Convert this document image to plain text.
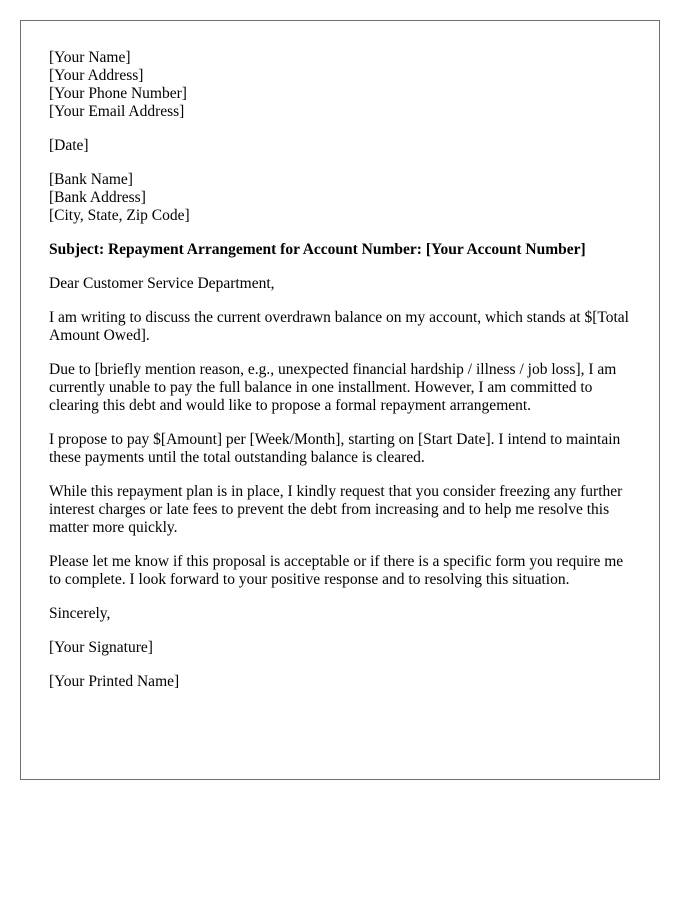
[Your Name]
[Your Address]
[Your Phone Number]
[Your Email Address]
[Date]
[Bank Name]
[Bank Address]
[City, State, Zip Code]
Subject: Repayment Arrangement for Account Number: [Your Account Number]
Dear Customer Service Department,
I am writing to discuss the current overdrawn balance on my account, which stands at $[Total Amount Owed].
Due to [briefly mention reason, e.g., unexpected financial hardship / illness / job loss], I am currently unable to pay the full balance in one installment. However, I am committed to clearing this debt and would like to propose a formal repayment arrangement.
I propose to pay $[Amount] per [Week/Month], starting on [Start Date]. I intend to maintain these payments until the total outstanding balance is cleared.
While this repayment plan is in place, I kindly request that you consider freezing any further interest charges or late fees to prevent the debt from increasing and to help me resolve this matter more quickly.
Please let me know if this proposal is acceptable or if there is a specific form you require me to complete. I look forward to your positive response and to resolving this situation.
Sincerely,
[Your Signature]
[Your Printed Name]
